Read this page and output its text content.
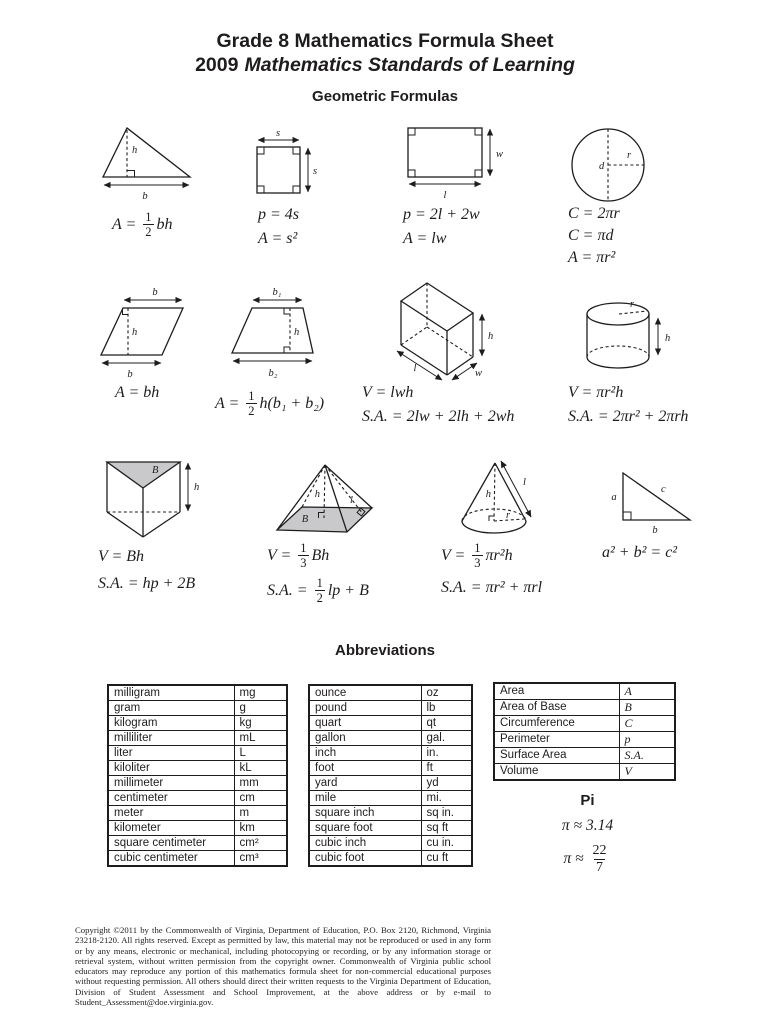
Grade 8 Mathematics Formula Sheet
2009 Mathematics Standards of Learning
Geometric Formulas
h
b
s
s
w
l
d
r
b
b
h
b₁
b₂
h
l	w
h
r
h
B
h
h
l
B
h
l
r
a
c
b
$A = \frac{1}{2}$ bh
p = 4s
A = s²
p = 2l + 2w
A = lw
C = 2πr
C = πd
A = πr²
A = bh
$A = \frac{1}{2} h(b_1 + b_2)$
V = lwh
S.A. = 2lw + 2lh + 2wh
V = πr²h
S.A. = 2πr² + 2πrh
V = Bh
S.A. = hp + 2B
$V = \frac{1}{3}$ Bh
S.A. = $\frac{1}{2}$ lp + B
$V = \frac{1}{3} \pi r^2h$
S.A. = πr² + πrl
a² + b² = c²
Abbreviations
milligram	mg
gram	g
kilogram	kg
milliliter	mL
liter	L
kiloliter	kL
millimeter	mm
centimeter	cm
meter	m
kilometer	km
square centimeter	cm²
cubic centimeter	cm³
ounce	oz
pound	lb
quart	qt
gallon	gal.
inch	in.
foot	ft
yard	yd
mile	mi.
square inch	sq in.
square foot	sq ft
cubic inch	cu in.
cubic foot	cu ft
Area	A
Area of Base	B
Circumference	C
Perimeter	p
Surface Area	S.A.
Volume	V
Pi
π ≈ 3.14
$\pi \approx \frac{22}{7}$
Copyright ©2011 by the Commonwealth of Virginia, Department of Education, P.O. Box 2120, Richmond, Virginia 23218-2120. All rights reserved. Except as permitted by law, this material may not be reproduced or used in any form or by any means, electronic or mechanical, including photocopying or recording, or by any information storage or retrieval system, without written permission from the copyright owner. Commonwealth of Virginia public school educators may reproduce any portion of this mathematics formula sheet for non-commercial educational purposes without requesting permission. All others should direct their written requests to the Virginia Department of Education, Division of Student Assessment and School Improvement, at the above address or by e-mail to Student_Assessment@doe.virginia.gov.
